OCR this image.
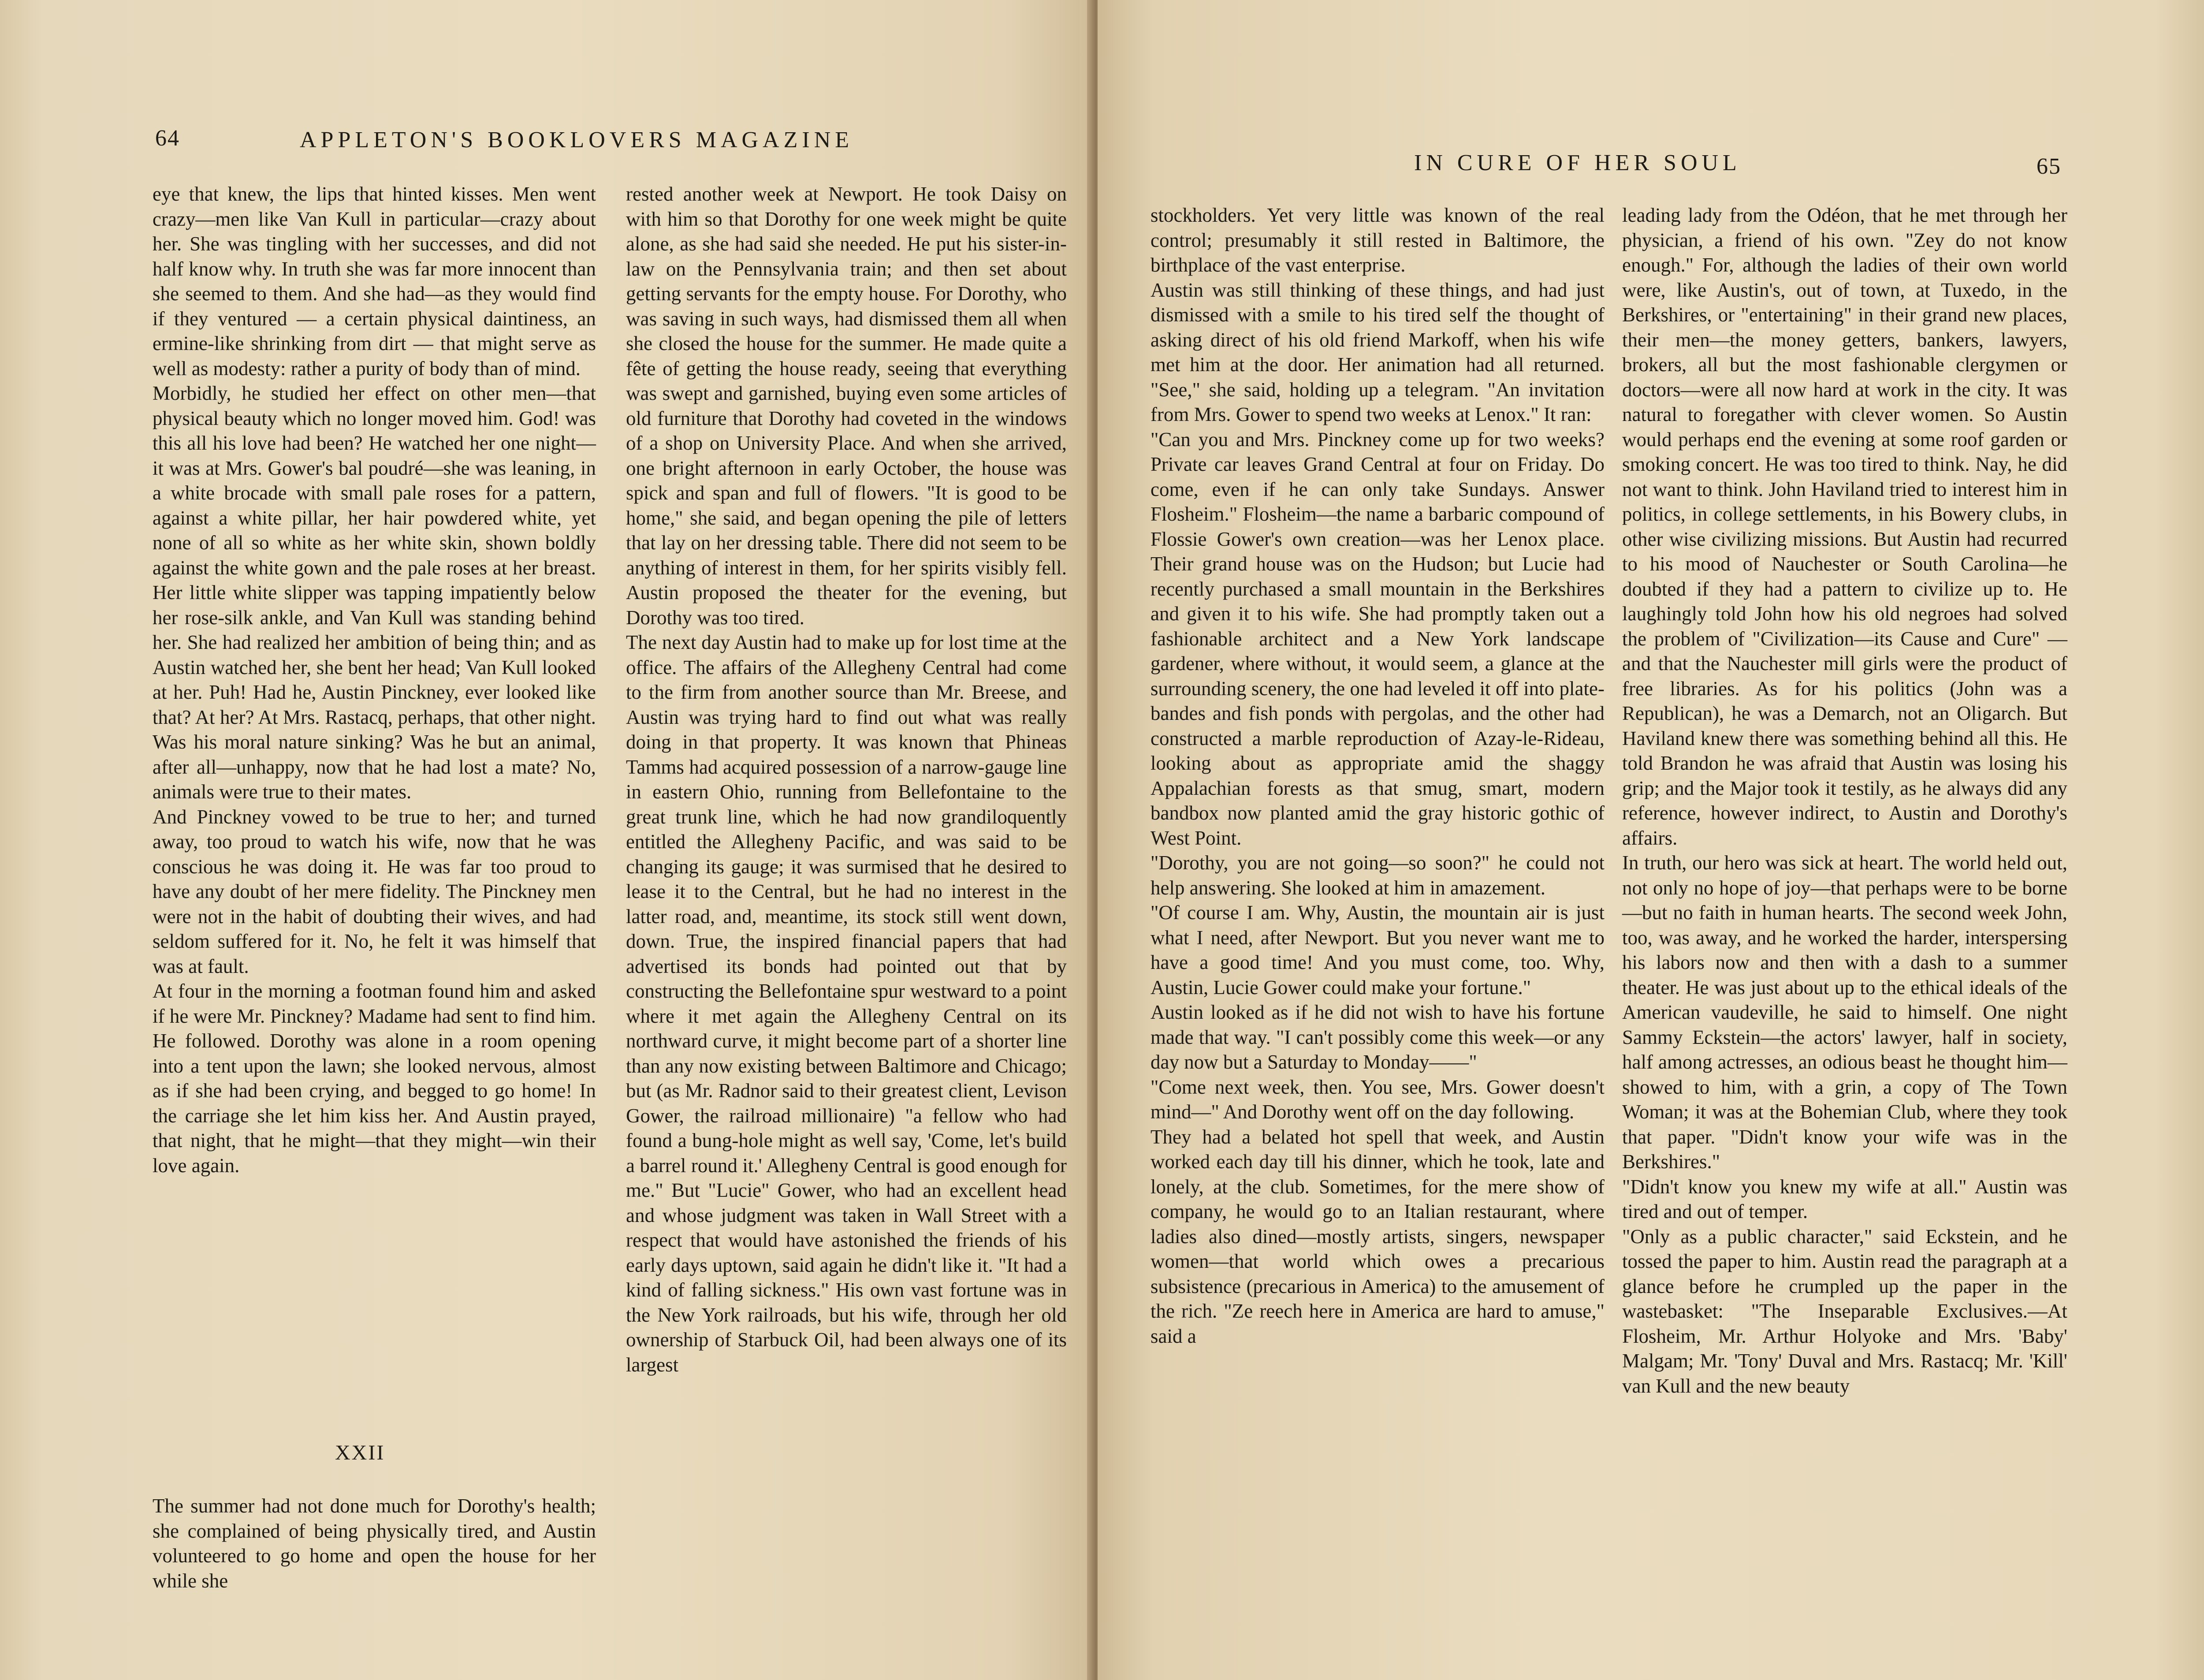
64	APPLETON'S BOOKLOVERS MAGAZINE
eye that knew, the lips that hinted kisses. Men went crazy—men like Van Kull in particular—crazy about her. She was tingling with her successes, and did not half know why. In truth she was far more innocent than she seemed to them. And she had—as they would find if they ventured — a certain physical daintiness, an ermine-like shrinking from dirt — that might serve as well as modesty: rather a purity of body than of mind.
Morbidly, he studied her effect on other men—that physical beauty which no longer moved him. God! was this all his love had been? He watched her one night—it was at Mrs. Gower's bal poudré—she was leaning, in a white brocade with small pale roses for a pattern, against a white pillar, her hair powdered white, yet none of all so white as her white skin, shown boldly against the white gown and the pale roses at her breast. Her little white slipper was tapping impatiently below her rose-silk ankle, and Van Kull was standing behind her. She had realized her ambition of being thin; and as Austin watched her, she bent her head; Van Kull looked at her. Puh! Had he, Austin Pinckney, ever looked like that? At her? At Mrs. Rastacq, perhaps, that other night. Was his moral nature sinking? Was he but an animal, after all—unhappy, now that he had lost a mate? No, animals were true to their mates.
And Pinckney vowed to be true to her; and turned away, too proud to watch his wife, now that he was conscious he was doing it. He was far too proud to have any doubt of her mere fidelity. The Pinckney men were not in the habit of doubting their wives, and had seldom suffered for it. No, he felt it was himself that was at fault.
At four in the morning a footman found him and asked if he were Mr. Pinckney? Madame had sent to find him. He followed. Dorothy was alone in a room opening into a tent upon the lawn; she looked nervous, almost as if she had been crying, and begged to go home! In the carriage she let him kiss her. And Austin prayed, that night, that he might—that they might—win their love again.
XXII
The summer had not done much for Dorothy's health; she complained of being physically tired, and Austin volunteered to go home and open the house for her while she
rested another week at Newport. He took Daisy on with him so that Dorothy for one week might be quite alone, as she had said she needed. He put his sister-in-law on the Pennsylvania train; and then set about getting servants for the empty house. For Dorothy, who was saving in such ways, had dismissed them all when she closed the house for the summer. He made quite a fête of getting the house ready, seeing that everything was swept and garnished, buying even some articles of old furniture that Dorothy had coveted in the windows of a shop on University Place. And when she arrived, one bright afternoon in early October, the house was spick and span and full of flowers. "It is good to be home," she said, and began opening the pile of letters that lay on her dressing table. There did not seem to be anything of interest in them, for her spirits visibly fell. Austin proposed the theater for the evening, but Dorothy was too tired.
The next day Austin had to make up for lost time at the office. The affairs of the Allegheny Central had come to the firm from another source than Mr. Breese, and Austin was trying hard to find out what was really doing in that property. It was known that Phineas Tamms had acquired possession of a narrow-gauge line in eastern Ohio, running from Bellefontaine to the great trunk line, which he had now grandiloquently entitled the Allegheny Pacific, and was said to be changing its gauge; it was surmised that he desired to lease it to the Central, but he had no interest in the latter road, and, meantime, its stock still went down, down. True, the inspired financial papers that had advertised its bonds had pointed out that by constructing the Bellefontaine spur westward to a point where it met again the Allegheny Central on its northward curve, it might become part of a shorter line than any now existing between Baltimore and Chicago; but (as Mr. Radnor said to their greatest client, Levison Gower, the railroad millionaire) "a fellow who had found a bung-hole might as well say, 'Come, let's build a barrel round it.' Allegheny Central is good enough for me." But "Lucie" Gower, who had an excellent head and whose judgment was taken in Wall Street with a respect that would have astonished the friends of his early days uptown, said again he didn't like it. "It had a kind of falling sickness." His own vast fortune was in the New York railroads, but his wife, through her old ownership of Starbuck Oil, had been always one of its largest
IN CURE OF HER SOUL	65
stockholders. Yet very little was known of the real control; presumably it still rested in Baltimore, the birthplace of the vast enterprise.
Austin was still thinking of these things, and had just dismissed with a smile to his tired self the thought of asking direct of his old friend Markoff, when his wife met him at the door. Her animation had all returned. "See," she said, holding up a telegram. "An invitation from Mrs. Gower to spend two weeks at Lenox." It ran:
"Can you and Mrs. Pinckney come up for two weeks? Private car leaves Grand Central at four on Friday. Do come, even if he can only take Sundays. Answer Flosheim." Flosheim—the name a barbaric compound of Flossie Gower's own creation—was her Lenox place. Their grand house was on the Hudson; but Lucie had recently purchased a small mountain in the Berkshires and given it to his wife. She had promptly taken out a fashionable architect and a New York landscape gardener, where without, it would seem, a glance at the surrounding scenery, the one had leveled it off into plate-bandes and fish ponds with pergolas, and the other had constructed a marble reproduction of Azay-le-Rideau, looking about as appropriate amid the shaggy Appalachian forests as that smug, smart, modern bandbox now planted amid the gray historic gothic of West Point.
"Dorothy, you are not going—so soon?" he could not help answering. She looked at him in amazement.
"Of course I am. Why, Austin, the mountain air is just what I need, after Newport. But you never want me to have a good time! And you must come, too. Why, Austin, Lucie Gower could make your fortune."
Austin looked as if he did not wish to have his fortune made that way. "I can't possibly come this week—or any day now but a Saturday to Monday——"
"Come next week, then. You see, Mrs. Gower doesn't mind—" And Dorothy went off on the day following.
They had a belated hot spell that week, and Austin worked each day till his dinner, which he took, late and lonely, at the club. Sometimes, for the mere show of company, he would go to an Italian restaurant, where ladies also dined—mostly artists, singers, newspaper women—that world which owes a precarious subsistence (precarious in America) to the amusement of the rich. "Ze reech here in America are hard to amuse," said a
leading lady from the Odéon, that he met through her physician, a friend of his own. "Zey do not know enough." For, although the ladies of their own world were, like Austin's, out of town, at Tuxedo, in the Berkshires, or "entertaining" in their grand new places, their men—the money getters, bankers, lawyers, brokers, all but the most fashionable clergymen or doctors—were all now hard at work in the city. It was natural to foregather with clever women. So Austin would perhaps end the evening at some roof garden or smoking concert. He was too tired to think. Nay, he did not want to think. John Haviland tried to interest him in politics, in college settlements, in his Bowery clubs, in other wise civilizing missions. But Austin had recurred to his mood of Nauchester or South Carolina—he doubted if they had a pattern to civilize up to. He laughingly told John how his old negroes had solved the problem of "Civilization—its Cause and Cure" —and that the Nauchester mill girls were the product of free libraries. As for his politics (John was a Republican), he was a Demarch, not an Oligarch. But Haviland knew there was something behind all this. He told Brandon he was afraid that Austin was losing his grip; and the Major took it testily, as he always did any reference, however indirect, to Austin and Dorothy's affairs.
In truth, our hero was sick at heart. The world held out, not only no hope of joy—that perhaps were to be borne—but no faith in human hearts. The second week John, too, was away, and he worked the harder, interspersing his labors now and then with a dash to a summer theater. He was just about up to the ethical ideals of the American vaudeville, he said to himself. One night Sammy Eckstein—the actors' lawyer, half in society, half among actresses, an odious beast he thought him—showed to him, with a grin, a copy of The Town Woman; it was at the Bohemian Club, where they took that paper. "Didn't know your wife was in the Berkshires."
"Didn't know you knew my wife at all." Austin was tired and out of temper.
"Only as a public character," said Eckstein, and he tossed the paper to him. Austin read the paragraph at a glance before he crumpled up the paper in the wastebasket: "The Inseparable Exclusives.—At Flosheim, Mr. Arthur Holyoke and Mrs. 'Baby' Malgam; Mr. 'Tony' Duval and Mrs. Rastacq; Mr. 'Kill' van Kull and the new beauty
